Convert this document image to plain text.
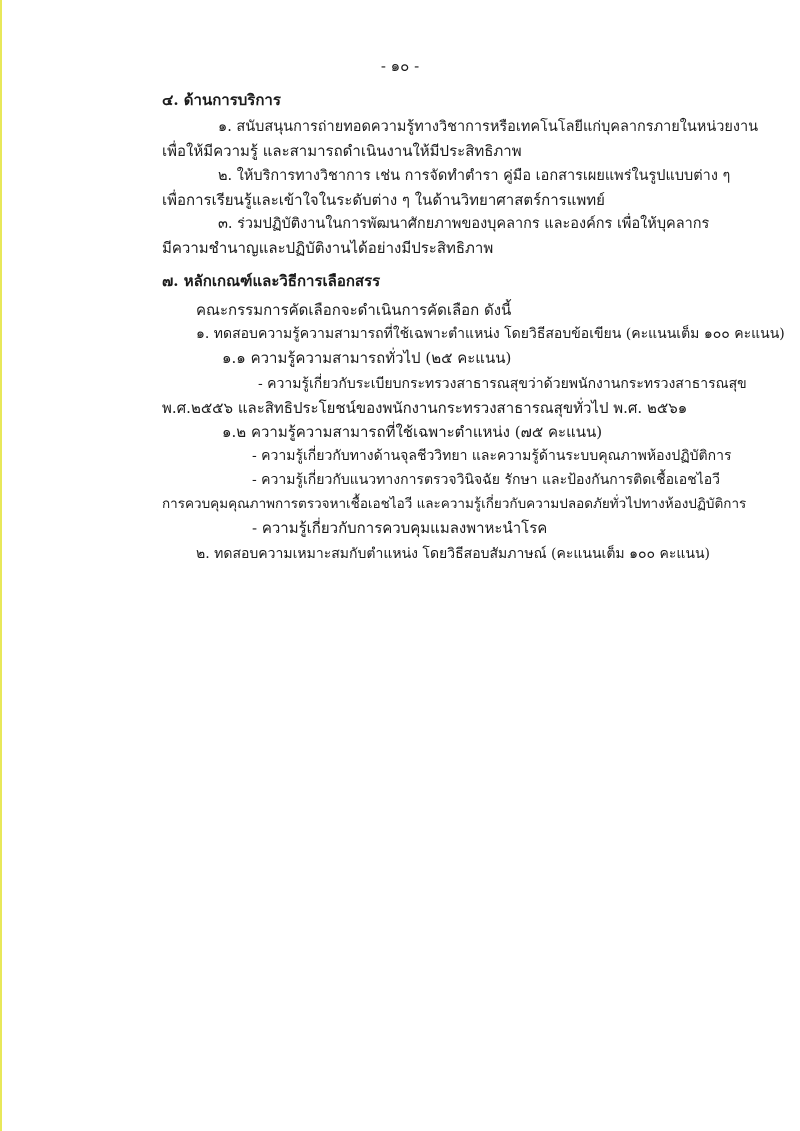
- ๑๐ -
๔. ด้านการบริการ
๑. สนับสนุนการถ่ายทอดความรู้ทางวิชาการหรือเทคโนโลยีแก่บุคลากรภายในหน่วยงาน
เพื่อให้มีความรู้ และสามารถดำเนินงานให้มีประสิทธิภาพ
๒. ให้บริการทางวิชาการ เช่น การจัดทำตำรา คู่มือ เอกสารเผยแพร่ในรูปแบบต่าง ๆ
เพื่อการเรียนรู้และเข้าใจในระดับต่าง ๆ ในด้านวิทยาศาสตร์การแพทย์
๓. ร่วมปฏิบัติงานในการพัฒนาศักยภาพของบุคลากร และองค์กร เพื่อให้บุคลากร
มีความชำนาญและปฏิบัติงานได้อย่างมีประสิทธิภาพ
๗. หลักเกณฑ์และวิธีการเลือกสรร
คณะกรรมการคัดเลือกจะดำเนินการคัดเลือก ดังนี้
๑. ทดสอบความรู้ความสามารถที่ใช้เฉพาะตำแหน่ง โดยวิธีสอบข้อเขียน (คะแนนเต็ม ๑๐๐ คะแนน)
๑.๑ ความรู้ความสามารถทั่วไป (๒๕ คะแนน)
- ความรู้เกี่ยวกับระเบียบกระทรวงสาธารณสุขว่าด้วยพนักงานกระทรวงสาธารณสุข
พ.ศ.๒๕๕๖ และสิทธิประโยชน์ของพนักงานกระทรวงสาธารณสุขทั่วไป พ.ศ. ๒๕๖๑
๑.๒ ความรู้ความสามารถที่ใช้เฉพาะตำแหน่ง (๗๕ คะแนน)
- ความรู้เกี่ยวกับทางด้านจุลชีววิทยา และความรู้ด้านระบบคุณภาพห้องปฏิบัติการ
- ความรู้เกี่ยวกับแนวทางการตรวจวินิจฉัย รักษา และป้องกันการติดเชื้อเอชไอวี
การควบคุมคุณภาพการตรวจหาเชื้อเอชไอวี และความรู้เกี่ยวกับความปลอดภัยทั่วไปทางห้องปฏิบัติการ
- ความรู้เกี่ยวกับการควบคุมแมลงพาหะนำโรค
๒. ทดสอบความเหมาะสมกับตำแหน่ง โดยวิธีสอบสัมภาษณ์ (คะแนนเต็ม ๑๐๐ คะแนน)
